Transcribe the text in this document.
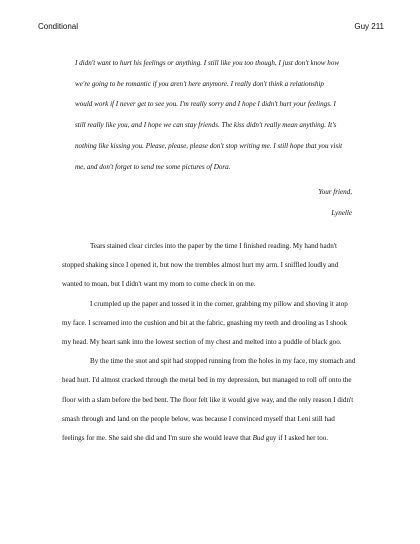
Conditional	Guy 211

I didn't want to hurt his feelings or anything. I still like you too though, I just don't know how we're going to be romantic if you aren't here anymore. I really don't think a relationship would work if I never get to see you. I'm really sorry and I hope I didn't hurt your feelings. I still really like you, and I hope we can stay friends. The kiss didn't really mean anything. It's nothing like kissing you. Please, please, please don't stop writing me. I still hope that you visit me, and don't forget to send me some pictures of Dora.

Your friend,
Lynelle

Tears stained clear circles into the paper by the time I finished reading. My hand hadn't stopped shaking since I opened it, but now the trembles almost hurt my arm. I sniffled loudly and wanted to moan, but I didn't want my mom to come check in on me.

I crumpled up the paper and tossed it in the corner, grabbing my pillow and shoving it atop my face. I screamed into the cushion and bit at the fabric, gnashing my teeth and drooling as I shook my head. My heart sank into the lowest section of my chest and melted into a puddle of black goo.

By the time the snot and spit had stopped running from the holes in my face, my stomach and head hurt. I'd almost cracked through the metal bed in my depression, but managed to roll off onto the floor with a slam before the bed bent. The floor felt like it would give way, and the only reason I didn't smash through and land on the people below, was because I convinced myself that Leni still had feelings for me. She said she did and I'm sure she would leave that Bud guy if I asked her too.
